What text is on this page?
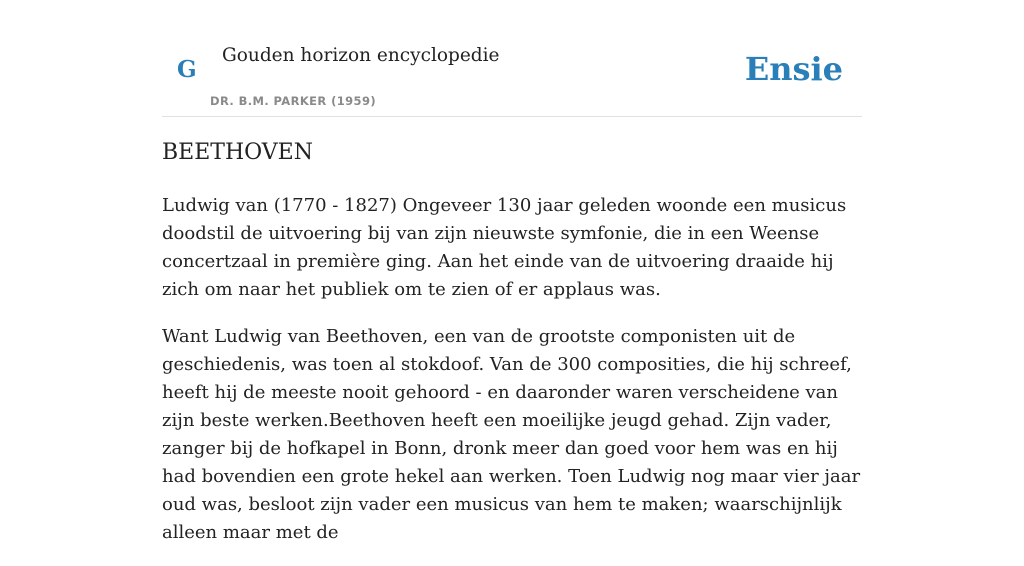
G
Gouden horizon encyclopedie
DR. B.M. PARKER (1959)
Ensie
BEETHOVEN

Ludwig van (1770 - 1827) Ongeveer 130 jaar geleden woonde een musicus doodstil de uitvoering bij van zijn nieuwste symfonie, die in een Weense concertzaal in première ging. Aan het einde van de uitvoering draaide hij zich om naar het publiek om te zien of er applaus was.

Want Ludwig van Beethoven, een van de grootste componisten uit de geschiedenis, was toen al stokdoof. Van de 300 composities, die hij schreef, heeft hij de meeste nooit gehoord - en daaronder waren verscheidene van zijn beste werken.Beethoven heeft een moeilijke jeugd gehad. Zijn vader, zanger bij de hofkapel in Bonn, dronk meer dan goed voor hem was en hij had bovendien een grote hekel aan werken. Toen Ludwig nog maar vier jaar oud was, besloot zijn vader een musicus van hem te maken; waarschijnlijk alleen maar met de
